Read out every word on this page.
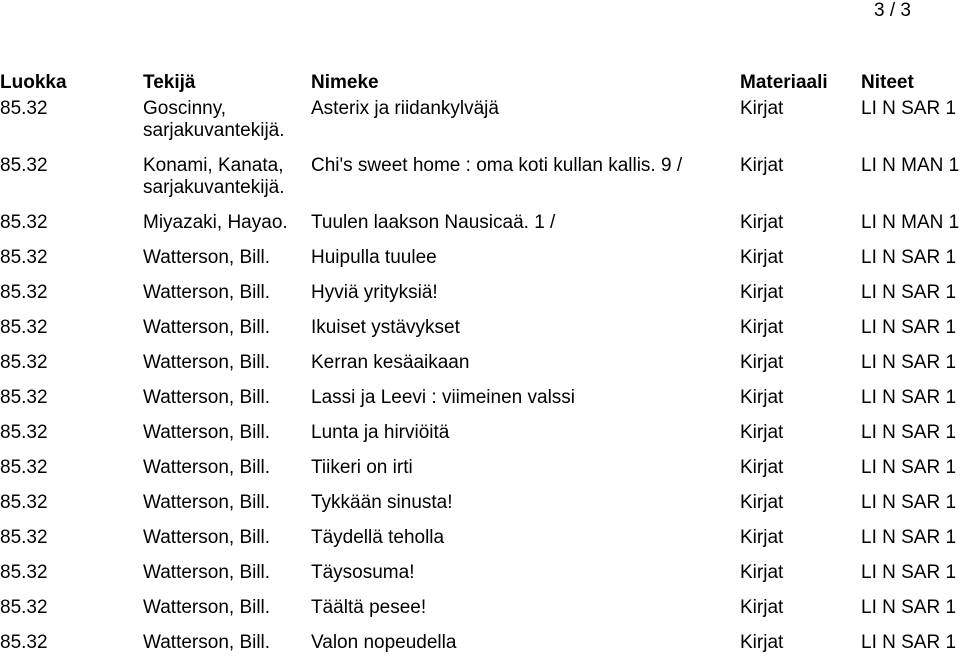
3 / 3
Luokka	Tekijä	Nimeke	Materiaali	Niteet
85.32	Goscinny, sarjakuvantekijä.	Asterix ja riidankylväjä	Kirjat	LI N SAR 1
85.32	Konami, Kanata, sarjakuvantekijä.	Chi's sweet home : oma koti kullan kallis. 9 /	Kirjat	LI N MAN 1
85.32	Miyazaki, Hayao.	Tuulen laakson Nausicaä. 1 /	Kirjat	LI N MAN 1
85.32	Watterson, Bill.	Huipulla tuulee	Kirjat	LI N SAR 1
85.32	Watterson, Bill.	Hyviä yrityksiä!	Kirjat	LI N SAR 1
85.32	Watterson, Bill.	Ikuiset ystävykset	Kirjat	LI N SAR 1
85.32	Watterson, Bill.	Kerran kesäaikaan	Kirjat	LI N SAR 1
85.32	Watterson, Bill.	Lassi ja Leevi : viimeinen valssi	Kirjat	LI N SAR 1
85.32	Watterson, Bill.	Lunta ja hirviöitä	Kirjat	LI N SAR 1
85.32	Watterson, Bill.	Tiikeri on irti	Kirjat	LI N SAR 1
85.32	Watterson, Bill.	Tykkään sinusta!	Kirjat	LI N SAR 1
85.32	Watterson, Bill.	Täydellä teholla	Kirjat	LI N SAR 1
85.32	Watterson, Bill.	Täysosuma!	Kirjat	LI N SAR 1
85.32	Watterson, Bill.	Täältä pesee!	Kirjat	LI N SAR 1
85.32	Watterson, Bill.	Valon nopeudella	Kirjat	LI N SAR 1
